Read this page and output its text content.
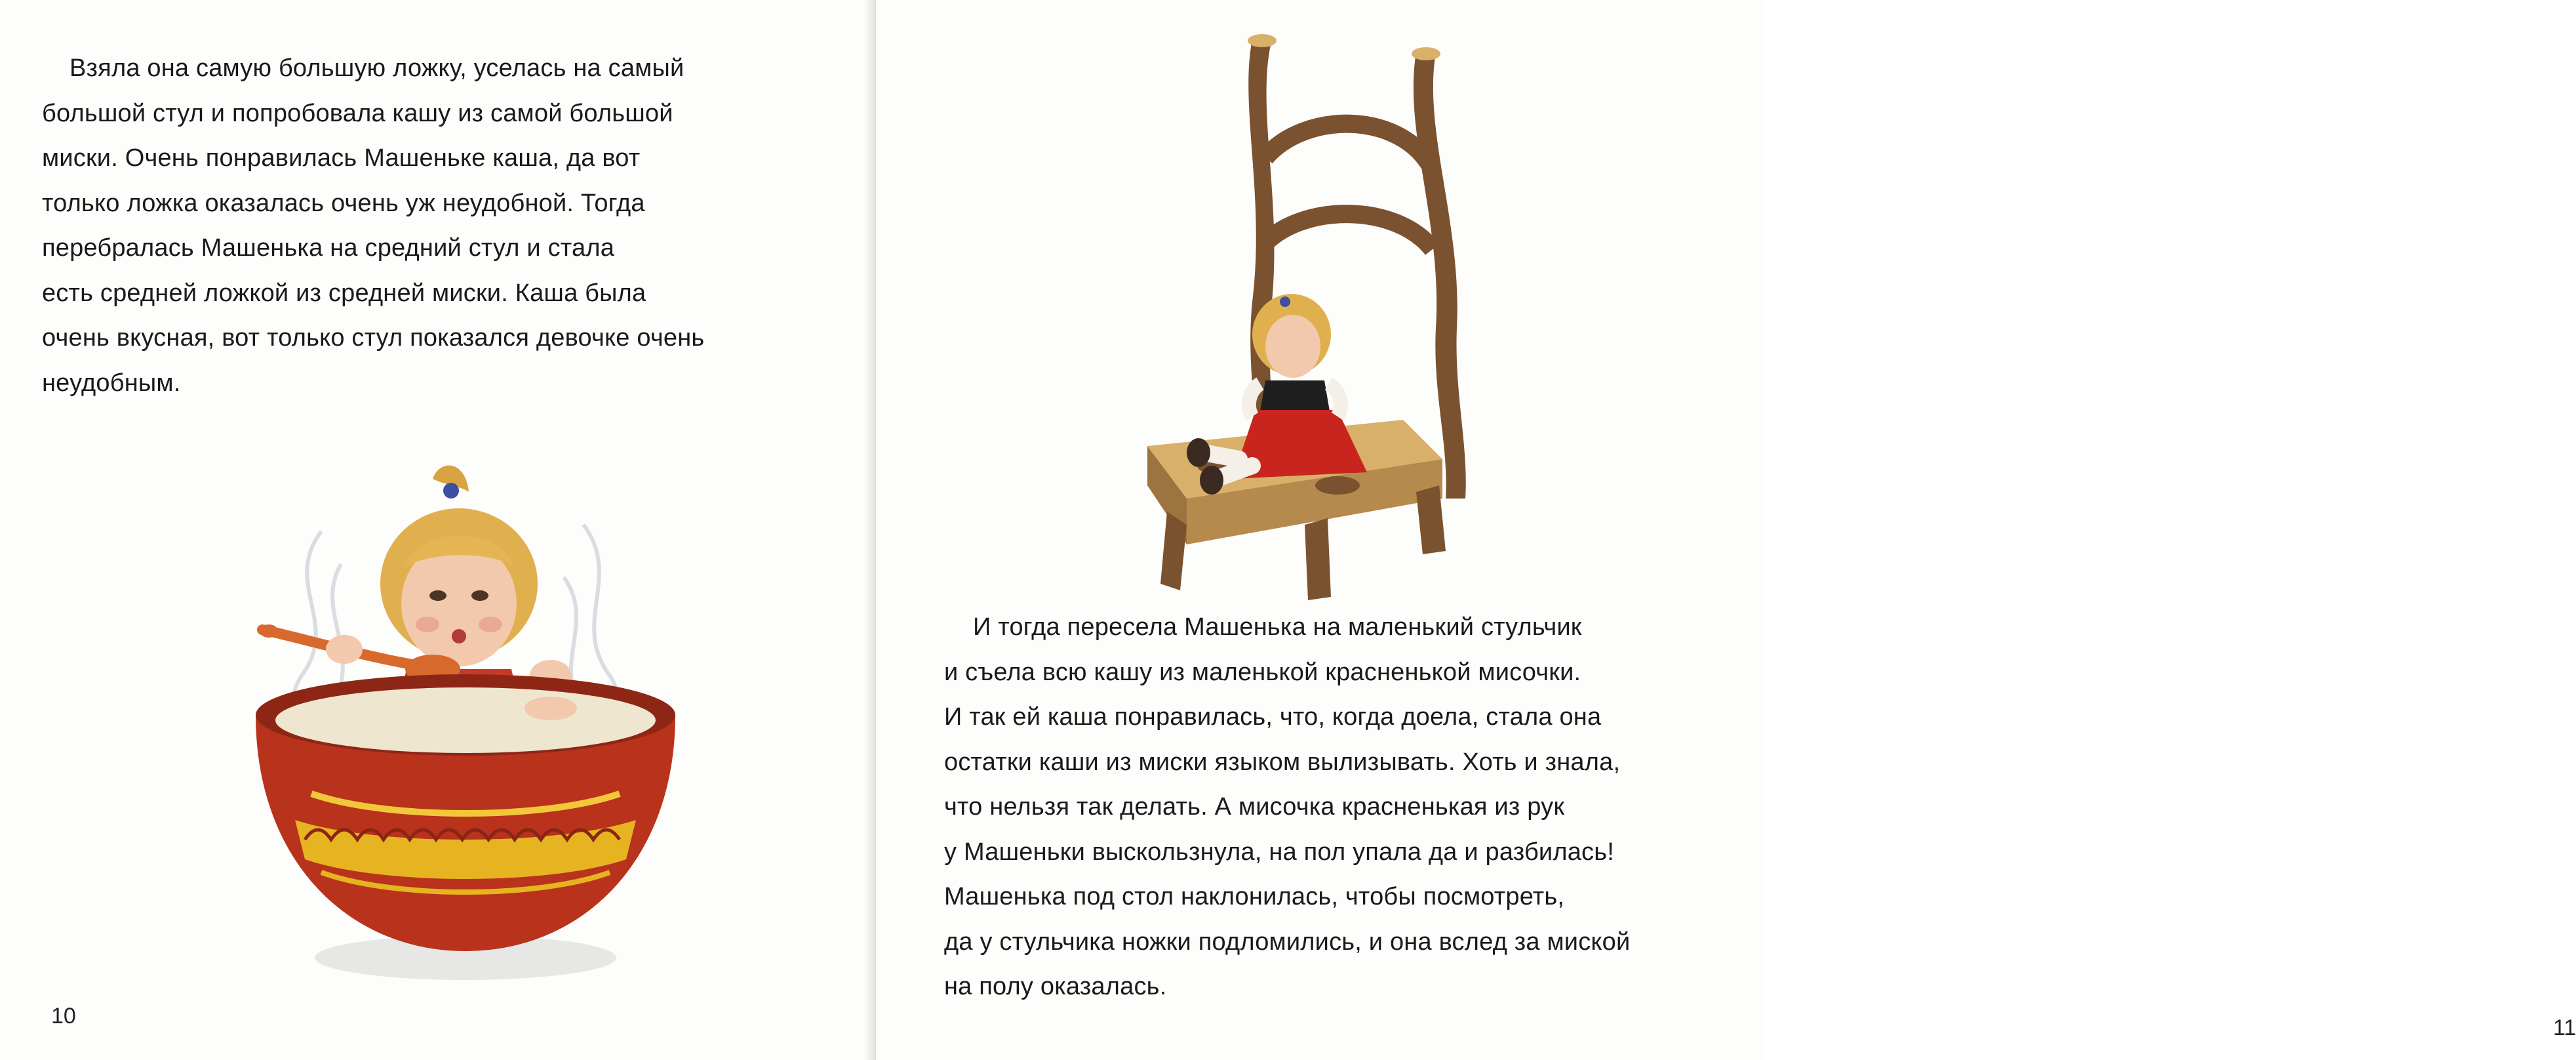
Взяла она самую большую ложку, уселась на самый

большой стул и попробовала кашу из самой большой

миски. Очень понравилась Машеньке каша, да вот

только ложка оказалась очень уж неудобной. Тогда

перебралась Машенька на средний стул и стала

есть средней ложкой из средней миски. Каша была

очень вкусная, вот только стул показался девочке очень

неудобным.

10	11

И тогда пересела Машенька на маленький стульчик

и съела всю кашу из маленькой красненькой мисочки.

И так ей каша понравилась, что, когда доела, стала она

остатки каши из миски языком вылизывать. Хоть и знала,

что нельзя так делать. А мисочка красненькая из рук

у Машеньки выскользнула, на пол упала да и разбилась!

Машенька под стол наклонилась, чтобы посмотреть,

да у стульчика ножки подломились, и она вслед за миской

на полу оказалась.
